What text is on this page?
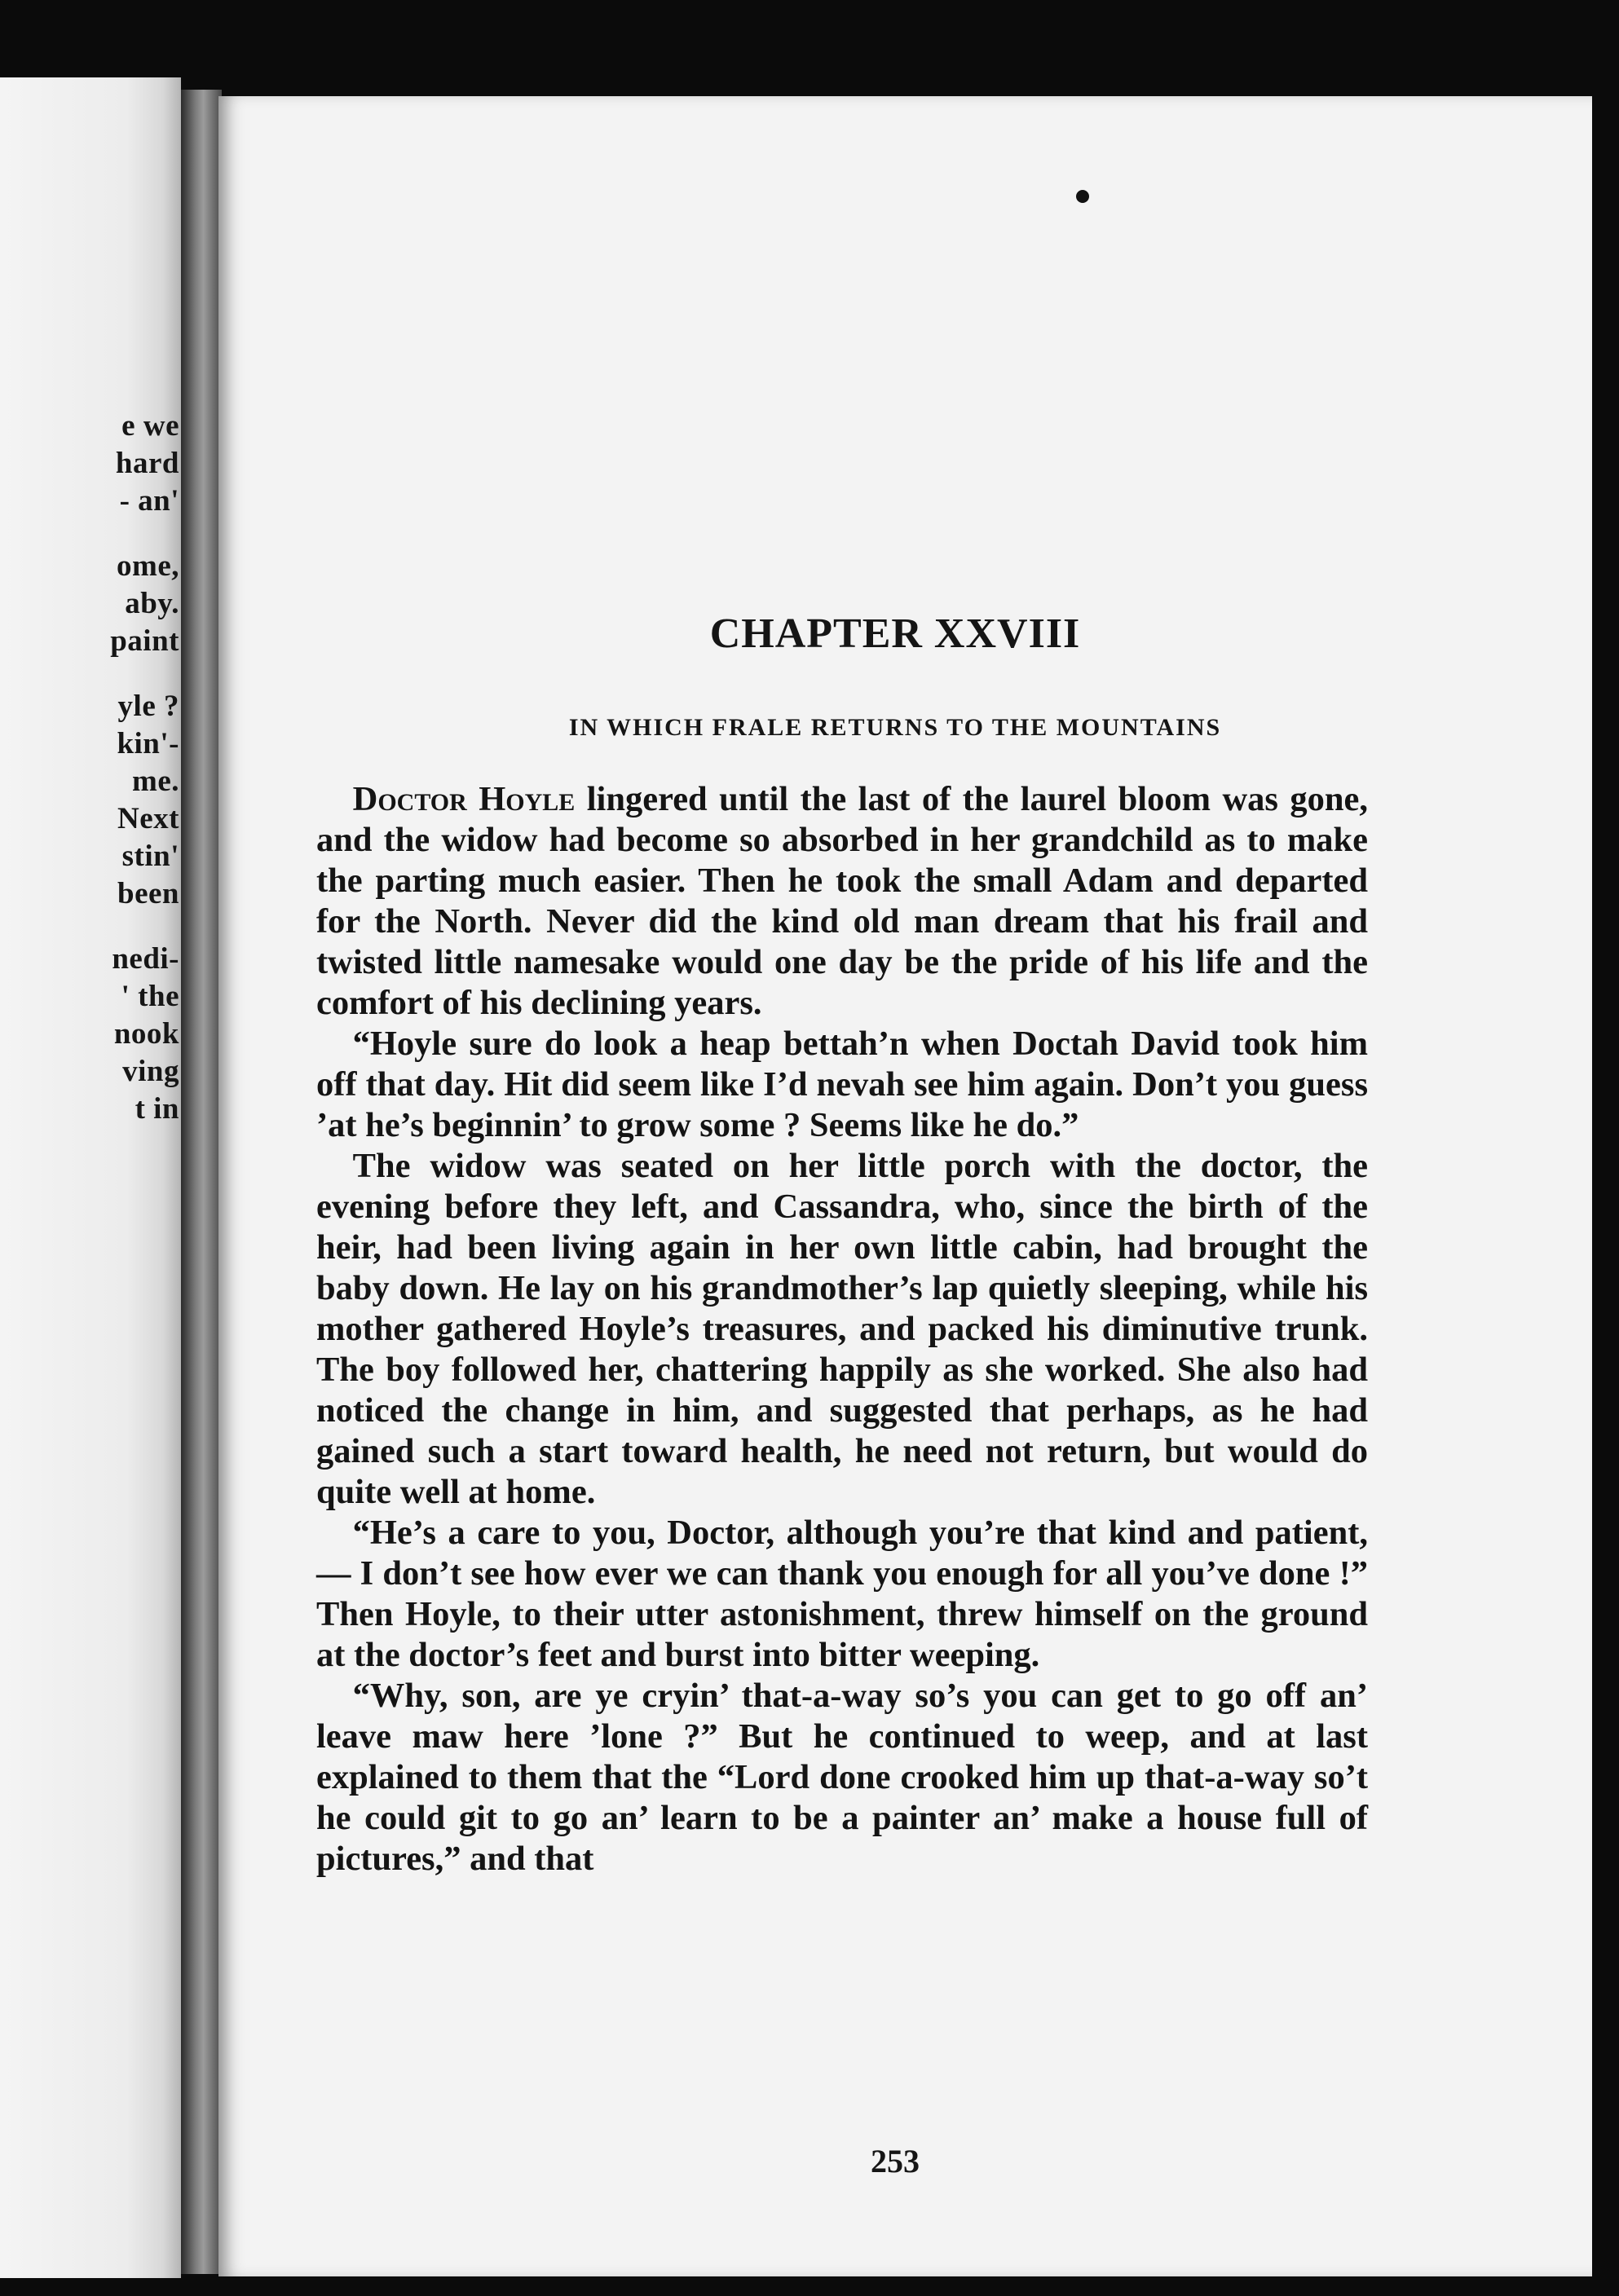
e we
hard
- an'
ome,
aby.
paint
yle ?
kin'-
me.
Next
stin'
been
nedi-
' the
nook
ving
t in
CHAPTER XXVIII
IN WHICH FRALE RETURNS TO THE MOUNTAINS

Doctor Hoyle lingered until the last of the laurel bloom was gone, and the widow had become so absorbed in her grandchild as to make the parting much easier. Then he took the small Adam and departed for the North. Never did the kind old man dream that his frail and twisted little namesake would one day be the pride of his life and the comfort of his declining years.

“Hoyle sure do look a heap bettah’n when Doctah David took him off that day. Hit did seem like I’d nevah see him again. Don’t you guess ’at he’s beginnin’ to grow some ? Seems like he do.”

The widow was seated on her little porch with the doctor, the evening before they left, and Cassandra, who, since the birth of the heir, had been living again in her own little cabin, had brought the baby down. He lay on his grandmother’s lap quietly sleeping, while his mother gathered Hoyle’s treasures, and packed his diminutive trunk. The boy followed her, chattering happily as she worked. She also had noticed the change in him, and suggested that perhaps, as he had gained such a start toward health, he need not return, but would do quite well at home.

“He’s a care to you, Doctor, although you’re that kind and patient, — I don’t see how ever we can thank you enough for all you’ve done !” Then Hoyle, to their utter astonishment, threw himself on the ground at the doctor’s feet and burst into bitter weeping.

“Why, son, are ye cryin’ that-a-way so’s you can get to go off an’ leave maw here ’lone ?” But he continued to weep, and at last explained to them that the “Lord done crooked him up that-a-way so’t he could git to go an’ learn to be a painter an’ make a house full of pictures,” and that

253
